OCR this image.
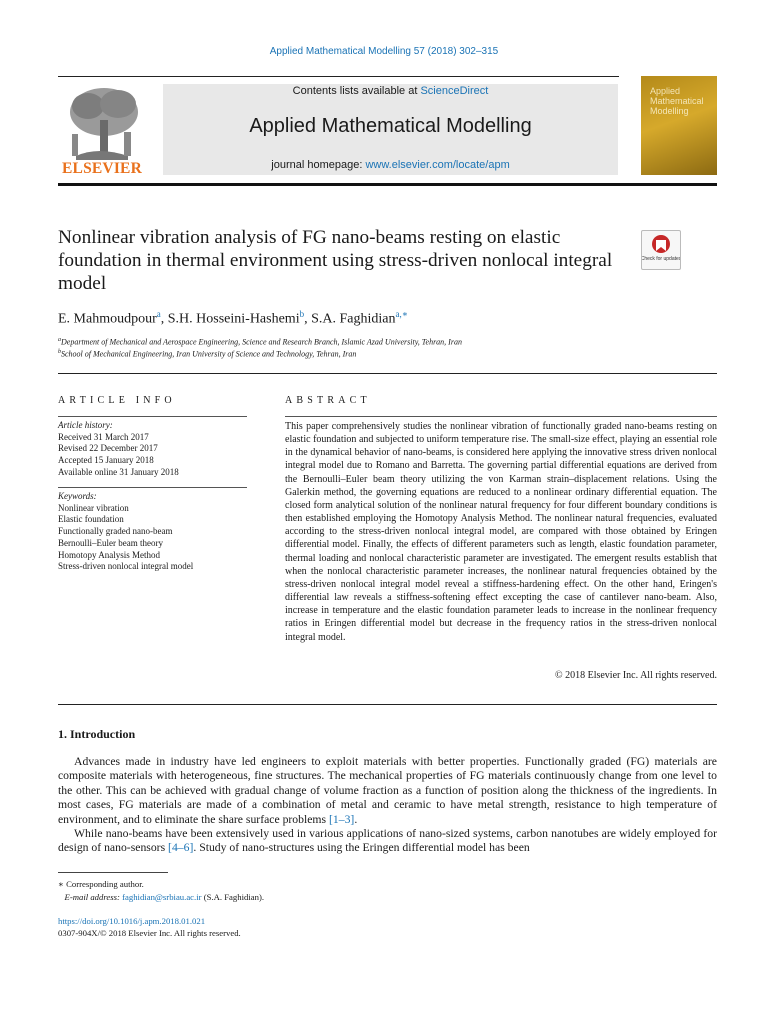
Applied Mathematical Modelling 57 (2018) 302–315
ELSEVIER
Contents lists available at ScienceDirect
Applied Mathematical Modelling
journal homepage: www.elsevier.com/locate/apm
Applied Mathematical Modelling
Nonlinear vibration analysis of FG nano-beams resting on elastic foundation in thermal environment using stress-driven nonlocal integral model
Check for updates
E. Mahmoudpour$^a$, S.H. Hosseini-Hashemi$^b$, S.A. Faghidian$^{a,∗}$
$^a$Department of Mechanical and Aerospace Engineering, Science and Research Branch, Islamic Azad University, Tehran, Iran
$^b$School of Mechanical Engineering, Iran University of Science and Technology, Tehran, Iran
ARTICLE INFO	ABSTRACT
Article history:
Received 31 March 2017
Revised 22 December 2017
Accepted 15 January 2018
Available online 31 January 2018
Keywords:
Nonlinear vibration
Elastic foundation
Functionally graded nano-beam
Bernoulli–Euler beam theory
Homotopy Analysis Method
Stress-driven nonlocal integral model
This paper comprehensively studies the nonlinear vibration of functionally graded nano-beams resting on elastic foundation and subjected to uniform temperature rise. The small-size effect, playing an essential role in the dynamical behavior of nano-beams, is considered here applying the innovative stress driven nonlocal integral model due to Romano and Barretta. The governing partial differential equations are derived from the Bernoulli–Euler beam theory utilizing the von Karman strain–displacement relations. Using the Galerkin method, the governing equations are reduced to a nonlinear ordinary differential equation. The closed form analytical solution of the nonlinear natural frequency for four different boundary conditions is then established employing the Homotopy Analysis Method. The nonlinear natural frequencies, evaluated according to the stress-driven nonlocal integral model, are compared with those obtained by Eringen differential model. Finally, the effects of different parameters such as length, elastic foundation parameter, thermal loading and nonlocal characteristic parameter are investigated. The emergent results establish that when the nonlocal characteristic parameter increases, the nonlinear natural frequencies obtained by the stress-driven nonlocal integral model reveal a stiffness-hardening effect. On the other hand, Eringen's differential law reveals a stiffness-softening effect excepting the case of cantilever nano-beam. Also, increase in temperature and the elastic foundation parameter leads to increase in the nonlinear frequency ratios in Eringen differential model but decrease in the frequency ratios in the stress-driven nonlocal integral model.
© 2018 Elsevier Inc. All rights reserved.
1. Introduction
Advances made in industry have led engineers to exploit materials with better properties. Functionally graded (FG) materials are composite materials with heterogeneous, fine structures. The mechanical properties of FG materials continuously change from one level to the other. This can be achieved with gradual change of volume fraction as a function of position along the thickness of the ingredients. In most cases, FG materials are made of a combination of metal and ceramic to have metal strength, resistance to high temperature of environment, and to eliminate the share surface problems [1–3].
While nano-beams have been extensively used in various applications of nano-sized systems, carbon nanotubes are widely employed for design of nano-sensors [4–6]. Study of nano-structures using the Eringen differential model has been
∗ Corresponding author.
E-mail address: faghidian@srbiau.ac.ir (S.A. Faghidian).
https://doi.org/10.1016/j.apm.2018.01.021
0307-904X/© 2018 Elsevier Inc. All rights reserved.
